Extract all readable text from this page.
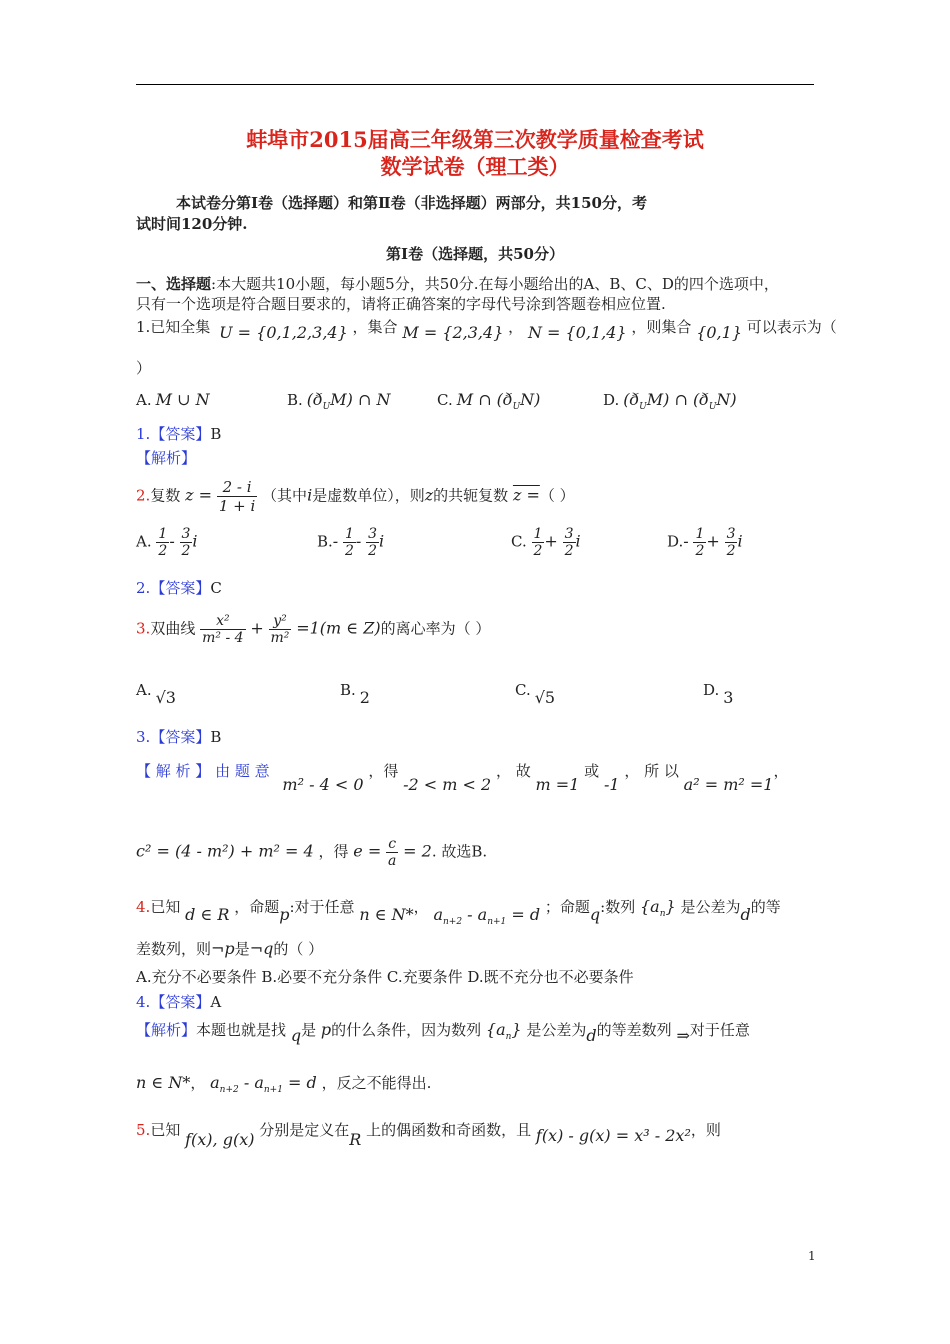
蚌埠市2015届高三年级第三次教学质量检查考试
数学试卷（理工类）
本试卷分第Ⅰ卷（选择题）和第Ⅱ卷（非选择题）两部分，共150分，考
试时间120分钟.
第Ⅰ卷（选择题，共50分）
一、选择题:本大题共10小题，每小题5分，共50分.在每小题给出的A、B、C、D的四个选项中，
只有一个选项是符合题目要求的，请将正确答案的字母代号涂到答题卷相应位置.
1.已知全集 U = {0,1,2,3,4} ，集合 M = {2,3,4} ， N = {0,1,4} ，则集合 {0,1} 可以表示为（
）
A. M ∪ N	B. $(ð_UM)$ ∩ N	C. M ∩ $(ð_UN)$	D. $(ð_UM)$ ∩ $(ð_UN)$
1.【答案】B
【解析】
2.复数 $z = \frac{2 - i}{1 + i}$ （其中i是虚数单位），则z的共轭复数 z =（ ）
A. $\frac{1}{2} - \frac{3}{2}$ i	$B.- \frac{1}{2} - \frac{3}{2}$ i	C. $\frac{1}{2} + \frac{3}{2}$ i	$D.- \frac{1}{2} + \frac{3}{2}$ i
2.【答案】C
3.双曲线 $\frac{\text{x²}}{\text{m² - 4}} + \frac{\text{y²}}{\text{m²}} =1(m$ ∈ Z)的离心率为（ ）
A. √3	B. 2	C. √5	D. 3
3.【答案】B
【 解 析 】 由 题 意 m² - 4 < 0 ，得 -2 < m < 2 ， 故 m =1 或 -1 ， 所 以 a² = m² =1，
c² = (4 - m²) + m² = 4 ，得 $e = \frac{c}{a} = 2$. 故选B.
4.已知 d ∈ R ，命题p:对于任意 n ∈ N*， $a_{n+2} - a_{n+1} = d$ ；命题q:数列 $\{a_n\}$ 是公差为d的等
差数列，则¬p是¬q的（ ）
A.充分不必要条件 B.必要不充分条件 C.充要条件 D.既不充分也不必要条件
4.【答案】A
【解析】本题也就是找 q是 p的什么条件，因为数列 $\{a_n\}$ 是公差为d的等差数列 ⇒对于任意
n ∈ N*， $a_{n+2} - a_{n+1} = d$ ，反之不能得出.
5.已知 f(x), g(x) 分别是定义在R 上的偶函数和奇函数，且 f(x) - g(x) = x³ - 2x²，则
1
